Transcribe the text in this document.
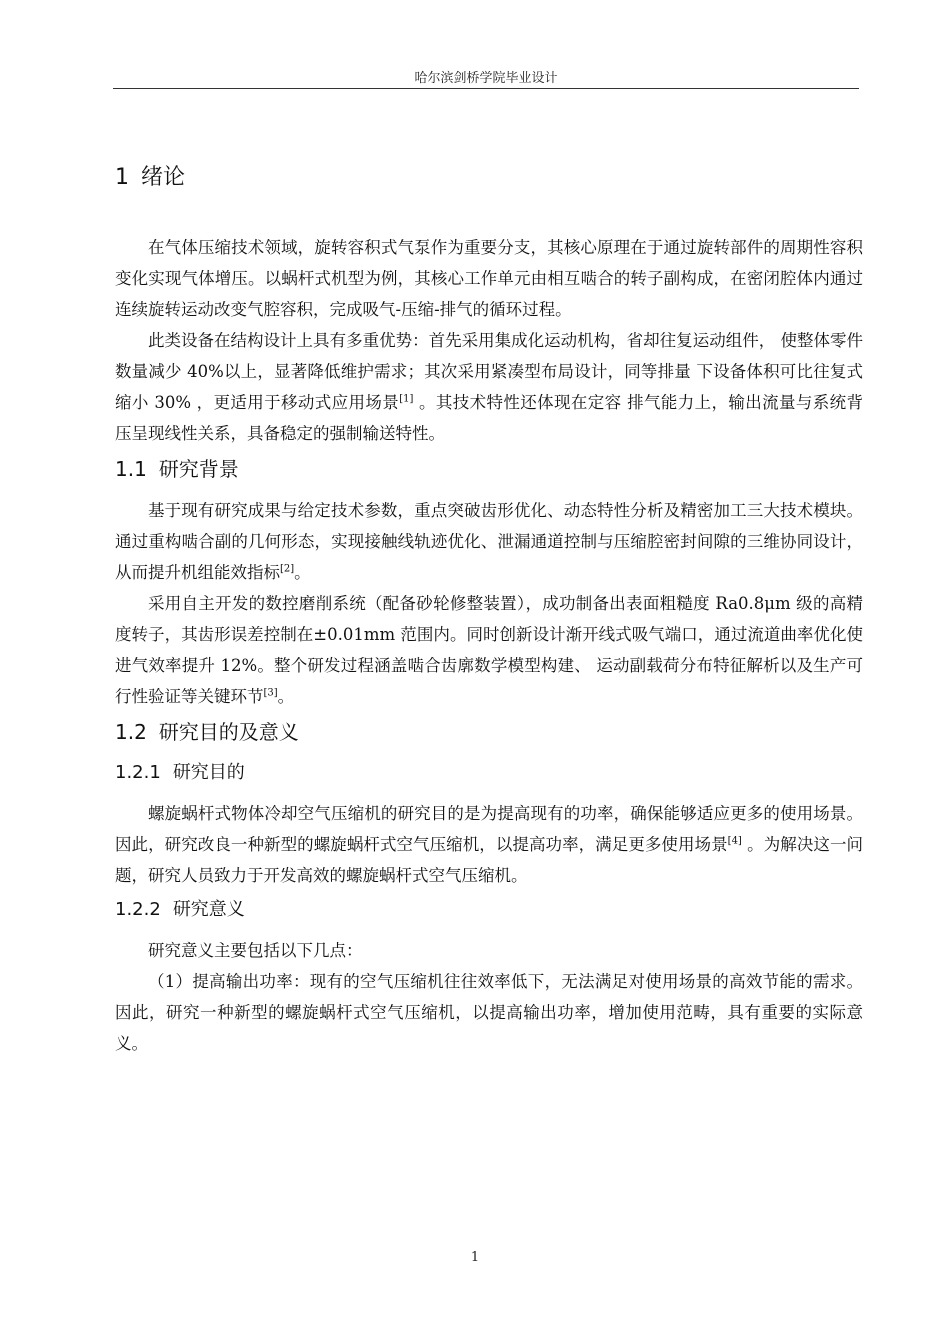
哈尔滨剑桥学院毕业设计
1 绪论

在气体压缩技术领域，旋转容积式气泵作为重要分支，其核心原理在于通过旋转部件的周期性容积变化实现气体增压。以蜗杆式机型为例，其核心工作单元由相互啮合的转子副构成，在密闭腔体内通过连续旋转运动改变气腔容积，完成吸气-压缩-排气的循环过程。

此类设备在结构设计上具有多重优势：首先采用集成化运动机构，省却往复运动组件， 使整体零件数量减少 40%以上，显著降低维护需求；其次采用紧凑型布局设计，同等排量 下设备体积可比往复式缩小 30% ，更适用于移动式应用场景[1] 。其技术特性还体现在定容 排气能力上，输出流量与系统背压呈现线性关系，具备稳定的强制输送特性。

1.1 研究背景

基于现有研究成果与给定技术参数，重点突破齿形优化、动态特性分析及精密加工三大技术模块。通过重构啮合副的几何形态，实现接触线轨迹优化、泄漏通道控制与压缩腔密封间隙的三维协同设计，从而提升机组能效指标[2]。

采用自主开发的数控磨削系统（配备砂轮修整装置），成功制备出表面粗糙度 Ra0.8μm 级的高精度转子，其齿形误差控制在±0.01mm 范围内。同时创新设计渐开线式吸气端口，通过流道曲率优化使进气效率提升 12%。整个研发过程涵盖啮合齿廓数学模型构建、 运动副载荷分布特征解析以及生产可行性验证等关键环节[3]。

1.2 研究目的及意义
1.2.1 研究目的

螺旋蜗杆式物体冷却空气压缩机的研究目的是为提高现有的功率，确保能够适应更多的使用场景。因此，研究改良一种新型的螺旋蜗杆式空气压缩机，以提高功率，满足更多使用场景[4] 。为解决这一问题，研究人员致力于开发高效的螺旋蜗杆式空气压缩机。

1.2.2 研究意义

研究意义主要包括以下几点：

（1）提高输出功率：现有的空气压缩机往往效率低下，无法满足对使用场景的高效节能的需求。因此，研究一种新型的螺旋蜗杆式空气压缩机，以提高输出功率，增加使用范畴，具有重要的实际意义。

1
